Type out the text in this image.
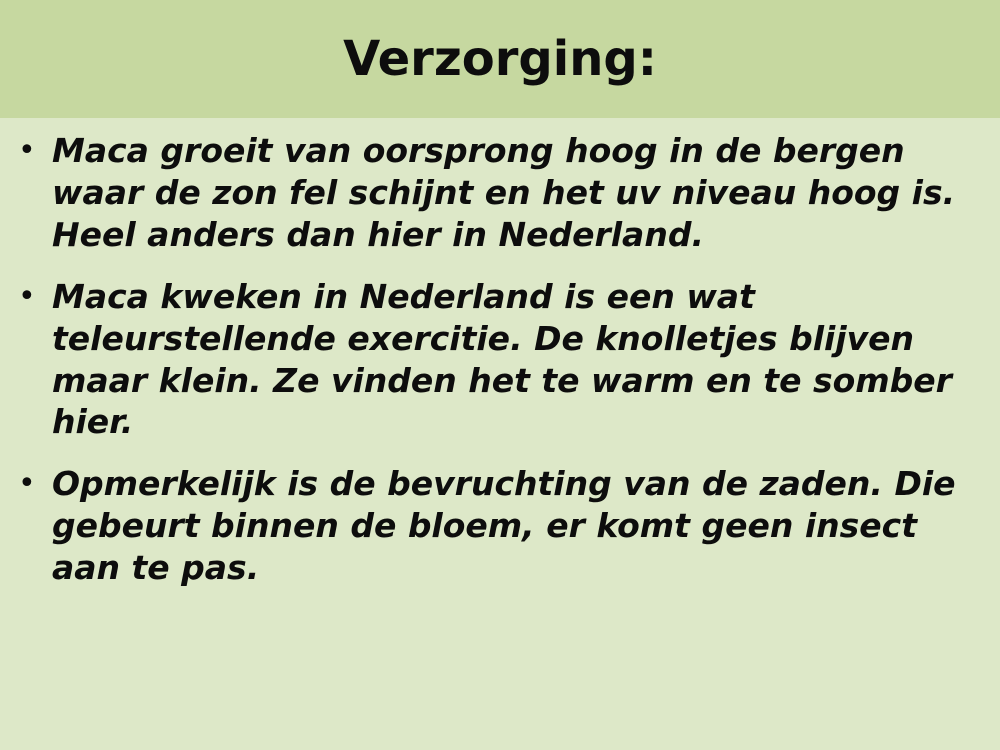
Verzorging:
• Maca groeit van oorsprong hoog in de bergen waar de zon fel schijnt en het uv niveau hoog is. Heel anders dan hier in Nederland.
• Maca kweken in Nederland is een wat teleurstellende exercitie. De knolletjes blijven maar klein. Ze vinden het te warm en te somber hier.
• Opmerkelijk is de bevruchting van de zaden. Die gebeurt binnen de bloem, er komt geen insect aan te pas.
